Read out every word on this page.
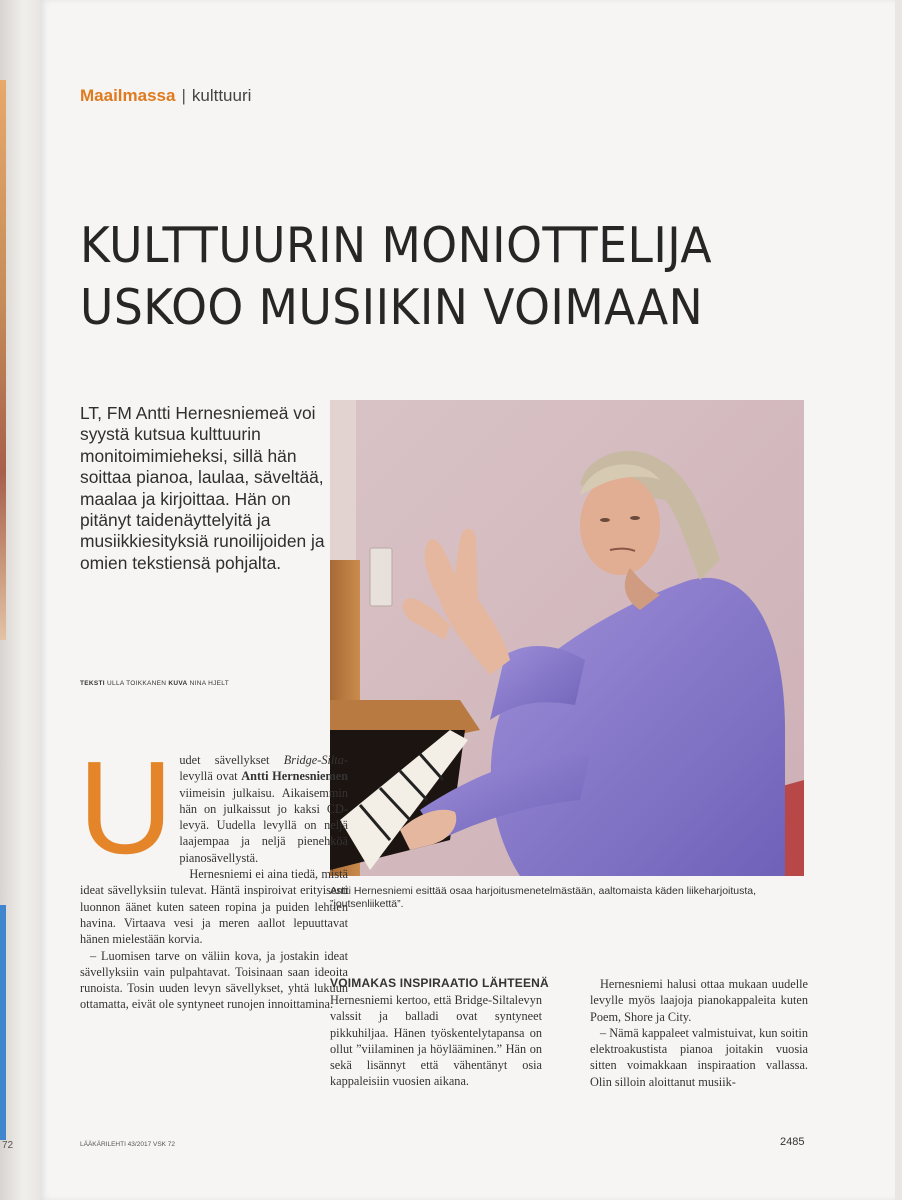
72
Maailmassa | kulttuuri
KULTTUURIN MONIOTTELIJA
USKOO MUSIIKIN VOIMAAN
LT, FM Antti Hernesniemeä voi syystä kutsua kulttuurin monitoimimieheksi, sillä hän soittaa pianoa, laulaa, säveltää, maalaa ja kirjoittaa. Hän on pitänyt taidenäyttelyitä ja musiikkiesityksiä runoilijoiden ja omien tekstiensä pohjalta.
TEKSTI ULLA TOIKKANEN KUVA NINA HJELT
Antti Hernesniemi esittää osaa harjoitusmenetelmästään, aaltomaista käden liikeharjoitusta, ”joutsenliikettä”.
U udet sävellykset Bridge-Silta-levyllä ovat Antti Hernesniemen viimeisin julkaisu. Aikaisemmin hän on julkaissut jo kaksi CD-levyä. Uudella levyllä on neljä laajempaa ja neljä pienehköä pianosävellystä.

Hernesniemi ei aina tiedä, mistä ideat sävellyksiin tulevat. Häntä inspiroivat erityisesti luonnon äänet kuten sateen ropina ja puiden lehtien havina. Virtaava vesi ja meren aallot lepuuttavat hänen mielestään korvia.

– Luomisen tarve on väliin kova, ja jostakin ideat sävellyksiin vain pulpahtavat. Toisinaan saan ideoita runoista. Tosin uuden levyn sävellykset, yhtä lukuun ottamatta, eivät ole syntyneet runojen innoittamina.

VOIMAKAS INSPIRAATIO LÄHTEENÄ

Hernesniemi kertoo, että Bridge-Siltalevyn valssit ja balladi ovat syntyneet pikkuhiljaa. Hänen työskentelytapansa on ollut ”viilaminen ja höylääminen.” Hän on sekä lisännyt että vähentänyt osia kappaleisiin vuosien aikana.

Hernesniemi halusi ottaa mukaan uudelle levylle myös laajoja pianokappaleita kuten Poem, Shore ja City.

– Nämä kappaleet valmistuivat, kun soitin elektroakustista pianoa joitakin vuosia sitten voimakkaan inspiraation vallassa. Olin silloin aloittanut musiik-

LÄÄKÄRILEHTI 43/2017 VSK 72	2485
